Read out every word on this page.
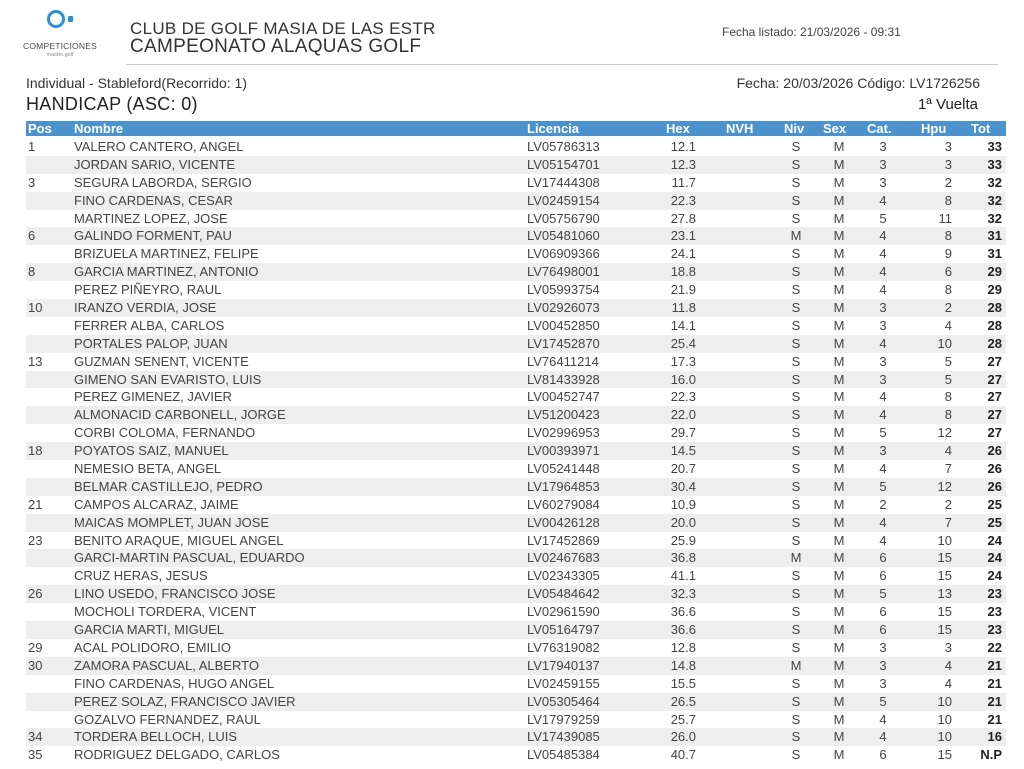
COMPETICIONES
master.golf
CLUB DE GOLF MASIA DE LAS ESTR
CAMPEONATO ALAQUAS GOLF
Fecha listado: 21/03/2026 - 09:31
Individual - Stableford(Recorrido: 1)	Fecha: 20/03/2026 Código: LV1726256
HANDICAP (ASC: 0)	1ª Vuelta
Pos Nombre	Licencia	Hex	NVH Niv Sex Cat. Hpu Tot
1	VALERO CANTERO, ANGEL	LV05786313	12.1	S	M	3	3	33
JORDAN SARIO, VICENTE	LV05154701	12.3	S	M	3	3	33
3	SEGURA LABORDA, SERGIO	LV17444308	11.7	S	M	3	2	32
FINO CARDENAS, CESAR	LV02459154	22.3	S	M	4	8	32
MARTINEZ LOPEZ, JOSE	LV05756790	27.8	S	M	5	11	32
6	GALINDO FORMENT, PAU	LV05481060	23.1	M	M	4	8	31
BRIZUELA MARTINEZ, FELIPE	LV06909366	24.1	S	M	4	9	31
8	GARCIA MARTINEZ, ANTONIO	LV76498001	18.8	S	M	4	6	29
PEREZ PIÑEYRO, RAUL	LV05993754	21.9	S	M	4	8	29
10 IRANZO VERDIA, JOSE	LV02926073	11.8	S	M	3	2	28
FERRER ALBA, CARLOS	LV00452850	14.1	S	M	3	4	28
PORTALES PALOP, JUAN	LV17452870	25.4	S	M	4	10	28
13 GUZMAN SENENT, VICENTE	LV76411214	17.3	S	M	3	5	27
GIMENO SAN EVARISTO, LUIS	LV81433928	16.0	S	M	3	5	27
PEREZ GIMENEZ, JAVIER	LV00452747	22.3	S	M	4	8	27
ALMONACID CARBONELL, JORGE	LV51200423	22.0	S	M	4	8	27
CORBI COLOMA, FERNANDO	LV02996953	29.7	S	M	5	12	27
18 POYATOS SAIZ, MANUEL	LV00393971	14.5	S	M	3	4	26
NEMESIO BETA, ANGEL	LV05241448	20.7	S	M	4	7	26
BELMAR CASTILLEJO, PEDRO	LV17964853	30.4	S	M	5	12	26
21 CAMPOS ALCARAZ, JAIME	LV60279084	10.9	S	M	2	2	25
MAICAS MOMPLET, JUAN JOSE	LV00426128	20.0	S	M	4	7	25
23 BENITO ARAQUE, MIGUEL ANGEL	LV17452869	25.9	S	M	4	10	24
GARCI-MARTIN PASCUAL, EDUARDO	LV02467683	36.8	M	M	6	15	24
CRUZ HERAS, JESUS	LV02343305	41.1	S	M	6	15	24
26 LINO USEDO, FRANCISCO JOSE	LV05484642	32.3	S	M	5	13	23
MOCHOLI TORDERA, VICENT	LV02961590	36.6	S	M	6	15	23
GARCIA MARTI, MIGUEL	LV05164797	36.6	S	M	6	15	23
29 ACAL POLIDORO, EMILIO	LV76319082	12.8	S	M	3	3	22
30 ZAMORA PASCUAL, ALBERTO	LV17940137	14.8	M	M	3	4	21
FINO CARDENAS, HUGO ANGEL	LV02459155	15.5	S	M	3	4	21
PEREZ SOLAZ, FRANCISCO JAVIER	LV05305464	26.5	S	M	5	10	21
GOZALVO FERNANDEZ, RAUL	LV17979259	25.7	S	M	4	10	21
34 TORDERA BELLOCH, LUIS	LV17439085	26.0	S	M	4	10	16
35 RODRIGUEZ DELGADO, CARLOS	LV05485384	40.7	S	M	6	15	N.P
